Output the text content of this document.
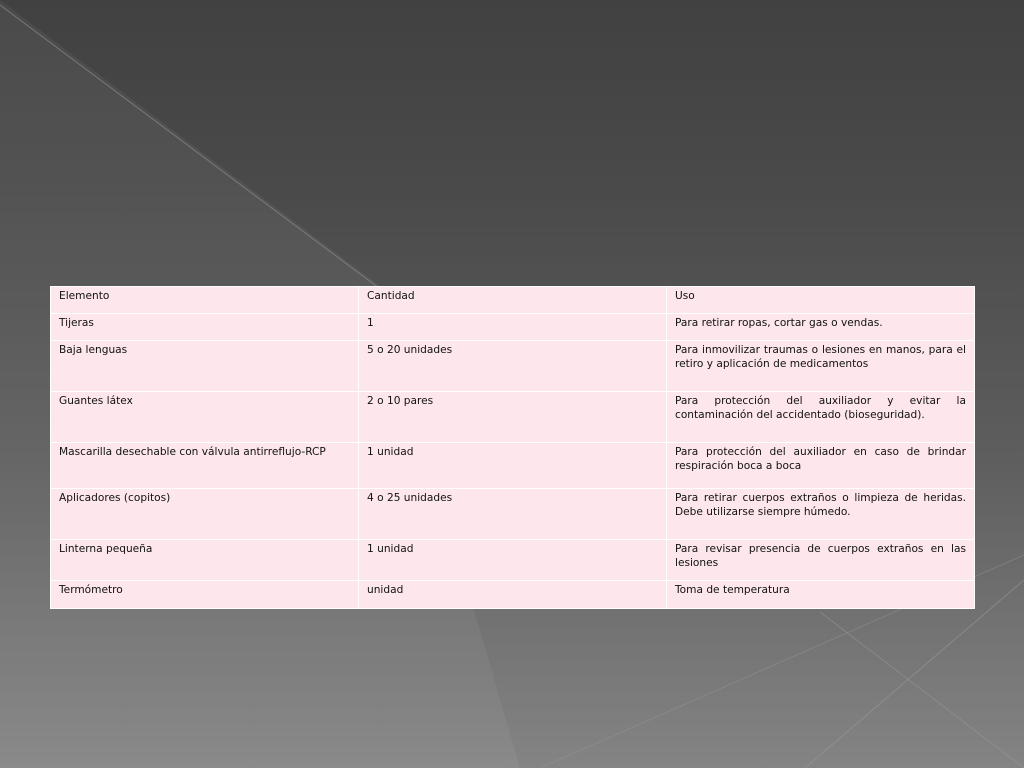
Elemento	Cantidad	Uso
Tijeras	1	Para retirar ropas, cortar gas o vendas.
Baja lenguas	5 o 20 unidades	Para inmovilizar traumas o lesiones en manos, para el retiro y aplicación de medicamentos
Guantes látex	2 o 10 pares	Para protección del auxiliador y evitar la contaminación del accidentado (bioseguridad).
Mascarilla desechable con válvula antirreflujo-RCP	1 unidad	Para protección del auxiliador en caso de brindar respiración boca a boca
Aplicadores (copitos)	4 o 25 unidades	Para retirar cuerpos extraños o limpieza de heridas. Debe utilizarse siempre húmedo.
Linterna pequeña	1 unidad	Para revisar presencia de cuerpos extraños en las lesiones
Termómetro	unidad	Toma de temperatura
